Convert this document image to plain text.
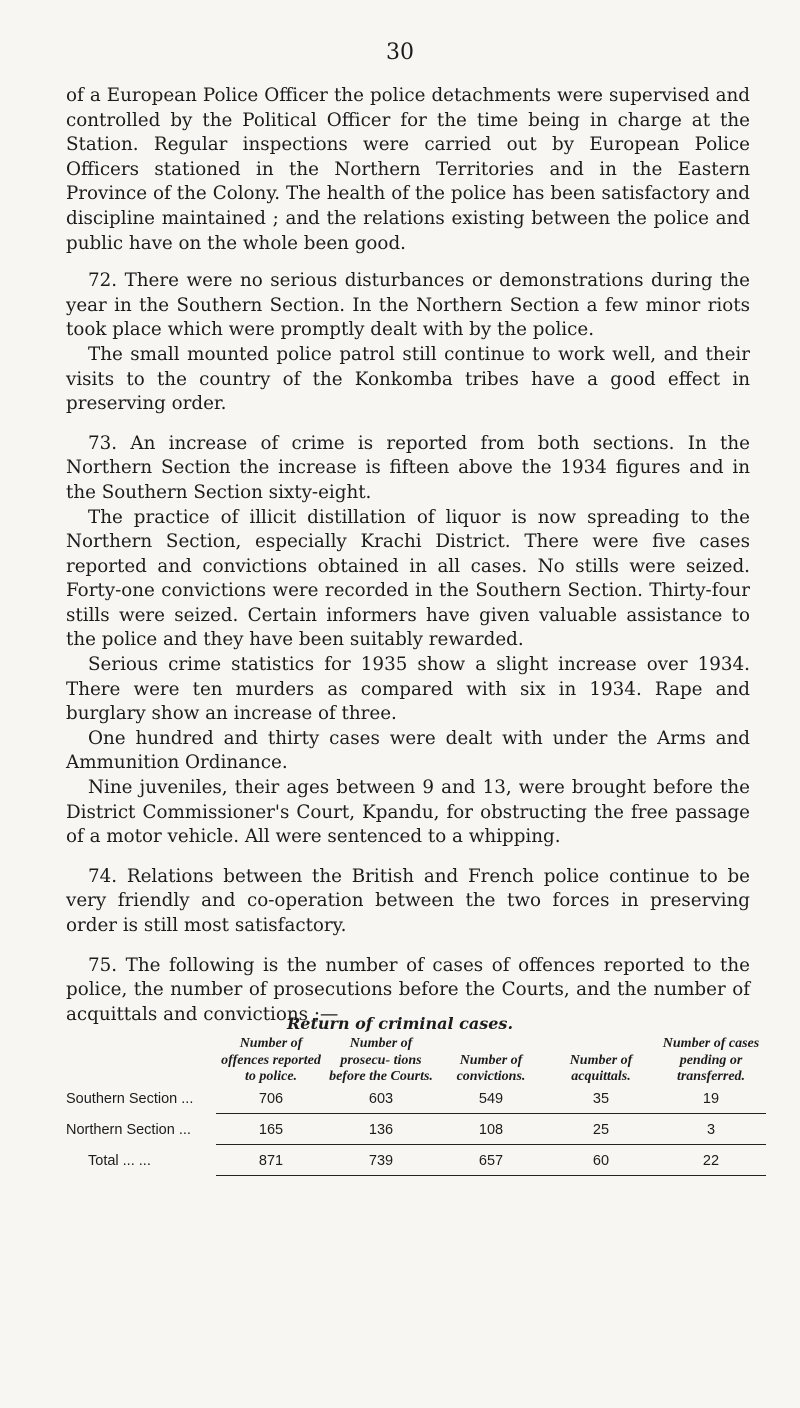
30

of a European Police Officer the police detachments were supervised and controlled by the Political Officer for the time being in charge at the Station. Regular inspections were carried out by European Police Officers stationed in the Northern Territories and in the Eastern Province of the Colony. The health of the police has been satisfactory and discipline maintained ; and the relations existing between the police and public have on the whole been good.

72. There were no serious disturbances or demonstrations during the year in the Southern Section. In the Northern Section a few minor riots took place which were promptly dealt with by the police.

The small mounted police patrol still continue to work well, and their visits to the country of the Konkomba tribes have a good effect in preserving order.

73. An increase of crime is reported from both sections. In the Northern Section the increase is fifteen above the 1934 figures and in the Southern Section sixty-eight.

The practice of illicit distillation of liquor is now spreading to the Northern Section, especially Krachi District. There were five cases reported and convictions obtained in all cases. No stills were seized. Forty-one convictions were recorded in the Southern Section. Thirty-four stills were seized. Certain informers have given valuable assistance to the police and they have been suitably rewarded.

Serious crime statistics for 1935 show a slight increase over 1934. There were ten murders as compared with six in 1934. Rape and burglary show an increase of three.

One hundred and thirty cases were dealt with under the Arms and Ammunition Ordinance.

Nine juveniles, their ages between 9 and 13, were brought before the District Commissioner's Court, Kpandu, for obstructing the free passage of a motor vehicle. All were sentenced to a whipping.

74. Relations between the British and French police continue to be very friendly and co-operation between the two forces in preserving order is still most satisfactory.

75. The following is the number of cases of offences reported to the police, the number of prosecutions before the Courts, and the number of acquittals and convictions :—

Return of criminal cases.
	Number of offences reported to police.	Number of prosecu- tions before the Courts.	Number of convictions.	Number of acquittals.	Number of cases pending or transferred.
Southern Section ...	706	603	549	35	19
Northern Section ...	165	136	108	25	3
Total ... ...	871	739	657	60	22
